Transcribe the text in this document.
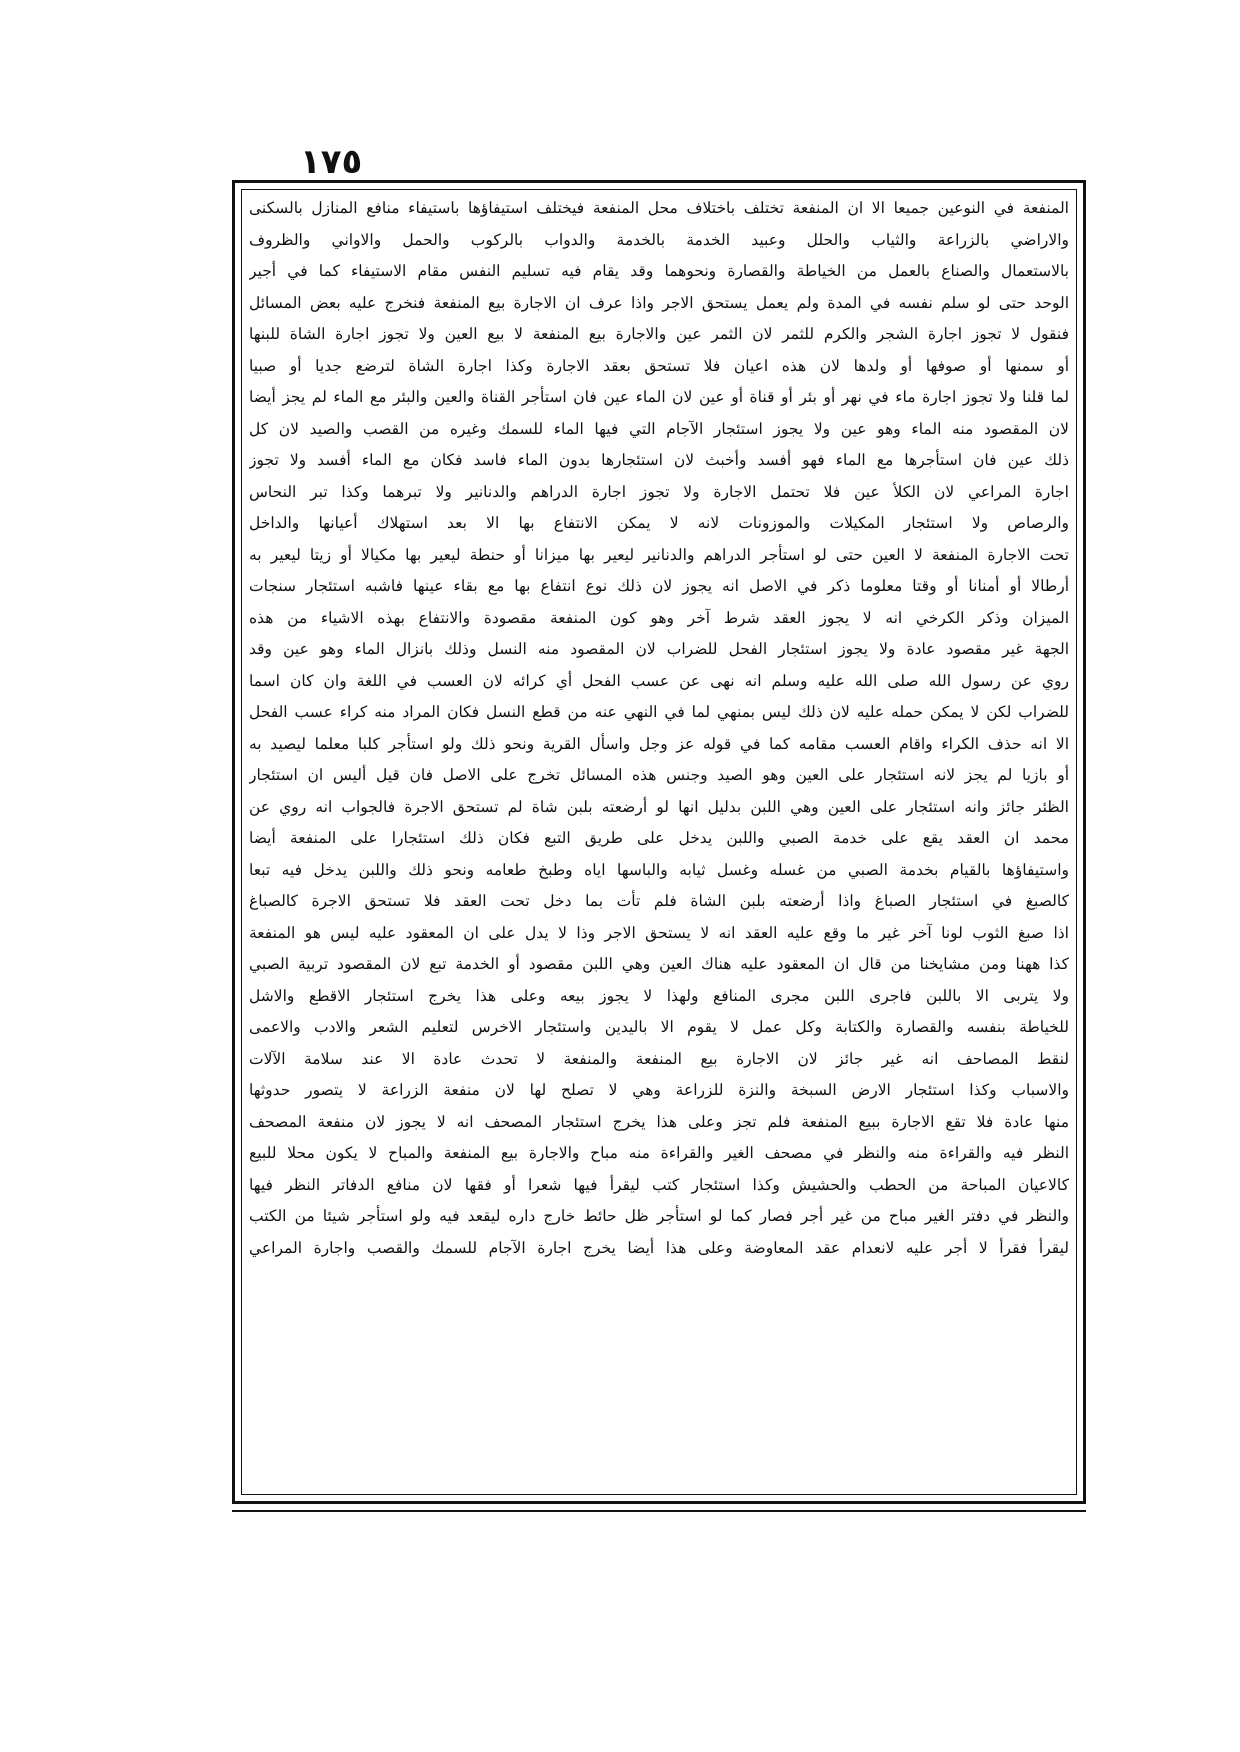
١٧٥
المنفعة في النوعين جميعا الا ان المنفعة تختلف باختلاف محل المنفعة فيختلف استيفاؤها باستيفاء منافع المنازل بالسكنى
والاراضي بالزراعة والثياب والحلل وعبيد الخدمة بالخدمة والدواب بالركوب والحمل والاواني والظروف
بالاستعمال والصناع بالعمل من الخياطة والقصارة ونحوهما وقد يقام فيه تسليم النفس مقام الاستيفاء كما في أجير
الوحد حتى لو سلم نفسه في المدة ولم يعمل يستحق الاجر واذا عرف ان الاجارة بيع المنفعة فنخرج عليه بعض المسائل
فنقول لا تجوز اجارة الشجر والكرم للثمر لان الثمر عين والاجارة بيع المنفعة لا بيع العين ولا تجوز اجارة الشاة للبنها
أو سمنها أو صوفها أو ولدها لان هذه اعيان فلا تستحق بعقد الاجارة وكذا اجارة الشاة لترضع جديا أو صبيا
لما قلنا ولا تجوز اجارة ماء في نهر أو بئر أو قناة أو عين لان الماء عين فان استأجر القناة والعين والبئر مع الماء لم يجز أيضا
لان المقصود منه الماء وهو عين ولا يجوز استئجار الآجام التي فيها الماء للسمك وغيره من القصب والصيد لان كل
ذلك عين فان استأجرها مع الماء فهو أفسد وأخبث لان استئجارها بدون الماء فاسد فكان مع الماء أفسد ولا تجوز
اجارة المراعي لان الكلأ عين فلا تحتمل الاجارة ولا تجوز اجارة الدراهم والدنانير ولا تبرهما وكذا تبر النحاس
والرصاص ولا استئجار المكيلات والموزونات لانه لا يمكن الانتفاع بها الا بعد استهلاك أعيانها والداخل
تحت الاجارة المنفعة لا العين حتى لو استأجر الدراهم والدنانير ليعير بها ميزانا أو حنطة ليعير بها مكيالا أو زيتا ليعير به
أرطالا أو أمنانا أو وقتا معلوما ذكر في الاصل انه يجوز لان ذلك نوع انتفاع بها مع بقاء عينها فاشبه استئجار سنجات
الميزان وذكر الكرخي انه لا يجوز العقد شرط آخر وهو كون المنفعة مقصودة والانتفاع بهذه الاشياء من هذه
الجهة غير مقصود عادة ولا يجوز استئجار الفحل للضراب لان المقصود منه النسل وذلك بانزال الماء وهو عين وقد
روي عن رسول الله صلى الله عليه وسلم انه نهى عن عسب الفحل أي كرائه لان العسب في اللغة وان كان اسما
للضراب لكن لا يمكن حمله عليه لان ذلك ليس بمنهي لما في النهي عنه من قطع النسل فكان المراد منه كراء عسب الفحل
الا انه حذف الكراء واقام العسب مقامه كما في قوله عز وجل واسأل القرية ونحو ذلك ولو استأجر كلبا معلما ليصيد به
أو بازيا لم يجز لانه استئجار على العين وهو الصيد وجنس هذه المسائل تخرج على الاصل فان قيل أليس ان استئجار
الظئر جائز وانه استئجار على العين وهي اللبن بدليل انها لو أرضعته بلبن شاة لم تستحق الاجرة فالجواب انه روي عن
محمد ان العقد يقع على خدمة الصبي واللبن يدخل على طريق التبع فكان ذلك استئجارا على المنفعة أيضا
واستيفاؤها بالقيام بخدمة الصبي من غسله وغسل ثيابه والباسها اياه وطبخ طعامه ونحو ذلك واللبن يدخل فيه تبعا
كالصبغ في استئجار الصباغ واذا أرضعته بلبن الشاة فلم تأت بما دخل تحت العقد فلا تستحق الاجرة كالصباغ
اذا صبغ الثوب لونا آخر غير ما وقع عليه العقد انه لا يستحق الاجر وذا لا يدل على ان المعقود عليه ليس هو المنفعة
كذا ههنا ومن مشايخنا من قال ان المعقود عليه هناك العين وهي اللبن مقصود أو الخدمة تبع لان المقصود تربية الصبي
ولا يتربى الا باللبن فاجرى اللبن مجرى المنافع ولهذا لا يجوز بيعه وعلى هذا يخرج استئجار الاقطع والاشل
للخياطة بنفسه والقصارة والكتابة وكل عمل لا يقوم الا باليدين واستئجار الاخرس لتعليم الشعر والادب والاعمى
لنقط المصاحف انه غير جائز لان الاجارة بيع المنفعة والمنفعة لا تحدث عادة الا عند سلامة الآلات
والاسباب وكذا استئجار الارض السبخة والنزة للزراعة وهي لا تصلح لها لان منفعة الزراعة لا يتصور حدوثها
منها عادة فلا تقع الاجارة ببيع المنفعة فلم تجز وعلى هذا يخرج استئجار المصحف انه لا يجوز لان منفعة المصحف
النظر فيه والقراءة منه والنظر في مصحف الغير والقراءة منه مباح والاجارة بيع المنفعة والمباح لا يكون محلا للبيع
كالاعيان المباحة من الحطب والحشيش وكذا استئجار كتب ليقرأ فيها شعرا أو فقها لان منافع الدفاتر النظر فيها
والنظر في دفتر الغير مباح من غير أجر فصار كما لو استأجر ظل حائط خارج داره ليقعد فيه ولو استأجر شيئا من الكتب
ليقرأ فقرأ لا أجر عليه لانعدام عقد المعاوضة وعلى هذا أيضا يخرج اجارة الآجام للسمك والقصب واجارة المراعي
